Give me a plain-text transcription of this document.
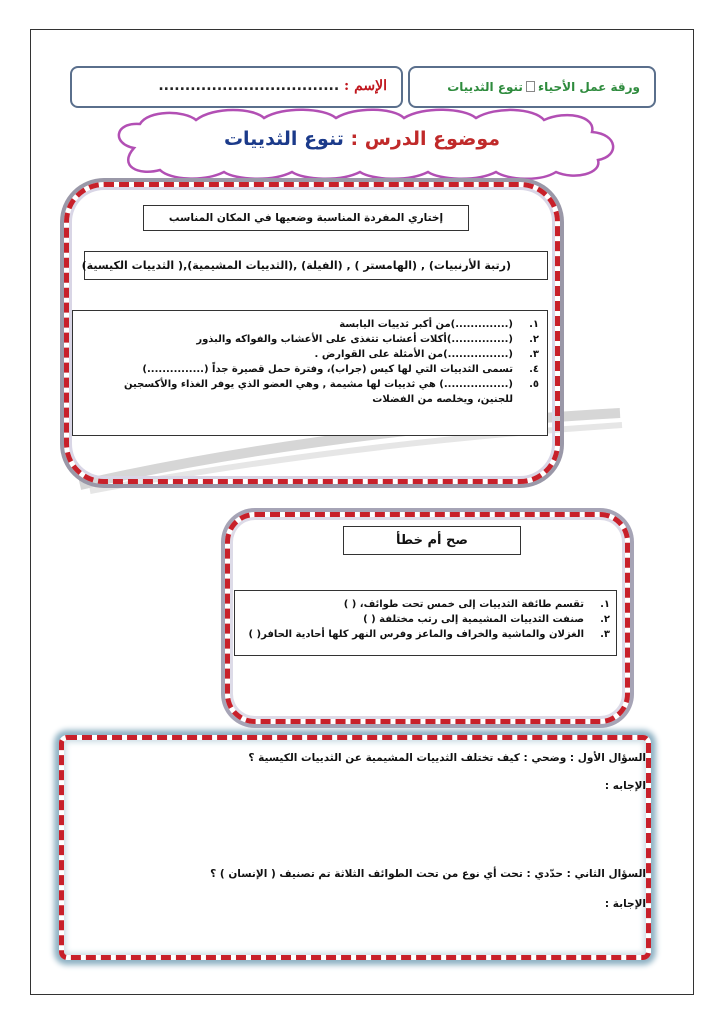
الإسم : ..................................	ورقة عمل الأحياءتنوع الثدييات
موضوع الدرس : تنوع الثدييات
إختاري المفردة المناسبة وضعيها في المكان المناسب
(رتبة الأرنبيات) , (الهامستر ) , (الفيلة) ,(الثدييات المشيمية),( الثدييات الكيسية)
١.
(..............)من أكبر ثدييات اليابسة
٢.
(...............)أكلات أعشاب تتغذى على الأعشاب والفواكه والبذور
٣.
(................)من الأمثلة على القوارض .
٤.
تسمى الثدييات التي لها كيس (جراب)، وفترة حمل قصيرة جداً (...............)
٥.
(.................) هي ثدييات لها مشيمة , وهي العضو الذي يوفر الغذاء والأكسجين للجنين، ويخلصه من الفضلات
صح أم خطأ
١.
تقسم طائفة الثدييات إلى خمس تحت طوائف، ( )
٢.
صنفت الثدييات المشيمية إلى رتب مختلفة ( )
٣.
الغزلان والماشية والخراف والماعز وفرس النهر كلها أحادية الحافر( )
السؤال الأول : وضحي : كيف تختلف الثدييات المشيمية عن الثدييات الكيسية ؟
الإجابه :
السؤال الثاني : حدّدي : تحت أي نوع من تحت الطوائف الثلاثة تم تصنيف ( الإنسان ) ؟
الإجابة :
